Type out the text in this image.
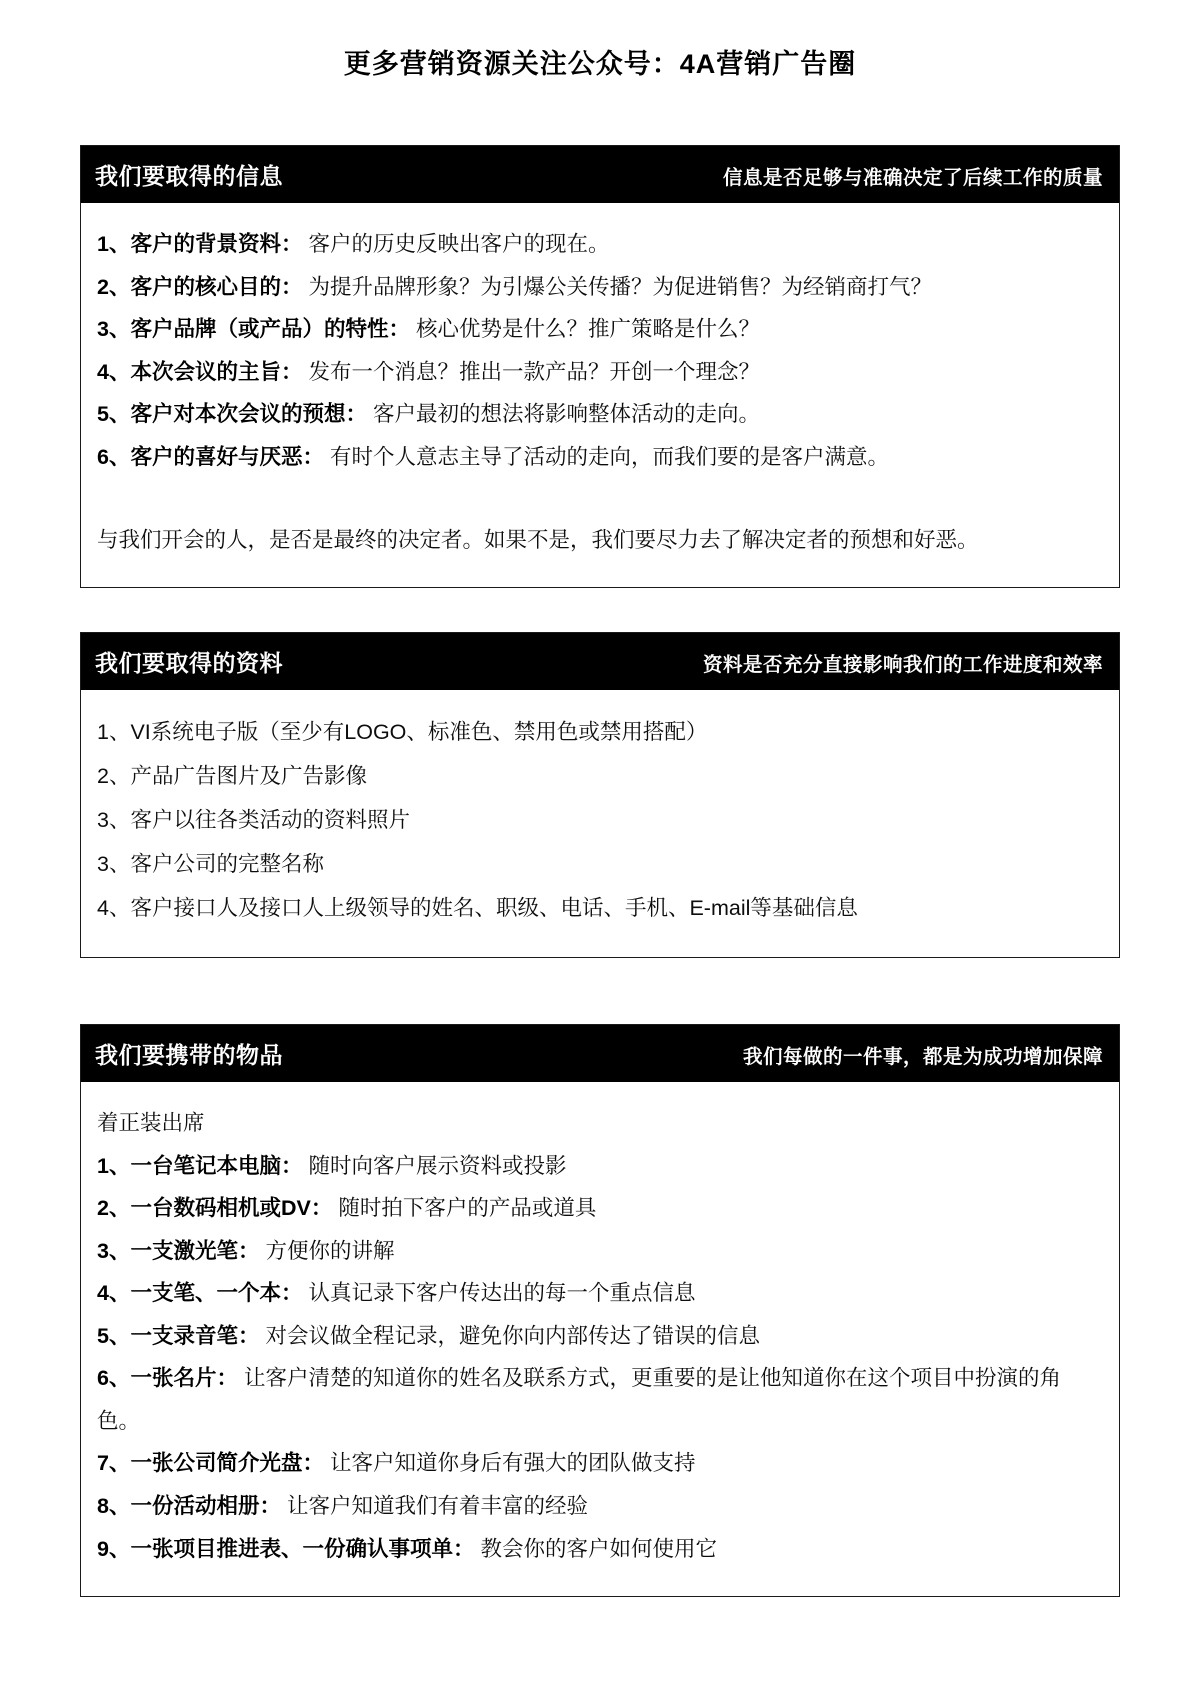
更多营销资源关注公众号：4A营销广告圈
我们要取得的信息	信息是否足够与准确决定了后续工作的质量

1、客户的背景资料： 客户的历史反映出客户的现在。

2、客户的核心目的： 为提升品牌形象？为引爆公关传播？为促进销售？为经销商打气？

3、客户品牌（或产品）的特性： 核心优势是什么？推广策略是什么？

4、本次会议的主旨： 发布一个消息？推出一款产品？开创一个理念？

5、客户对本次会议的预想： 客户最初的想法将影响整体活动的走向。

6、客户的喜好与厌恶： 有时个人意志主导了活动的走向，而我们要的是客户满意。

与我们开会的人，是否是最终的决定者。如果不是，我们要尽力去了解决定者的预想和好恶。

我们要取得的资料	资料是否充分直接影响我们的工作进度和效率

1、VI系统电子版（至少有LOGO、标准色、禁用色或禁用搭配）

2、产品广告图片及广告影像

3、客户以往各类活动的资料照片

3、客户公司的完整名称

4、客户接口人及接口人上级领导的姓名、职级、电话、手机、E-mail等基础信息

我们要携带的物品	我们每做的一件事，都是为成功增加保障

着正装出席

1、一台笔记本电脑： 随时向客户展示资料或投影

2、一台数码相机或DV： 随时拍下客户的产品或道具

3、一支激光笔： 方便你的讲解

4、一支笔、一个本： 认真记录下客户传达出的每一个重点信息

5、一支录音笔： 对会议做全程记录，避免你向内部传达了错误的信息

6、一张名片： 让客户清楚的知道你的姓名及联系方式，更重要的是让他知道你在这个项目中扮演的角色。

7、一张公司简介光盘： 让客户知道你身后有强大的团队做支持

8、一份活动相册： 让客户知道我们有着丰富的经验

9、一张项目推进表、一份确认事项单： 教会你的客户如何使用它
